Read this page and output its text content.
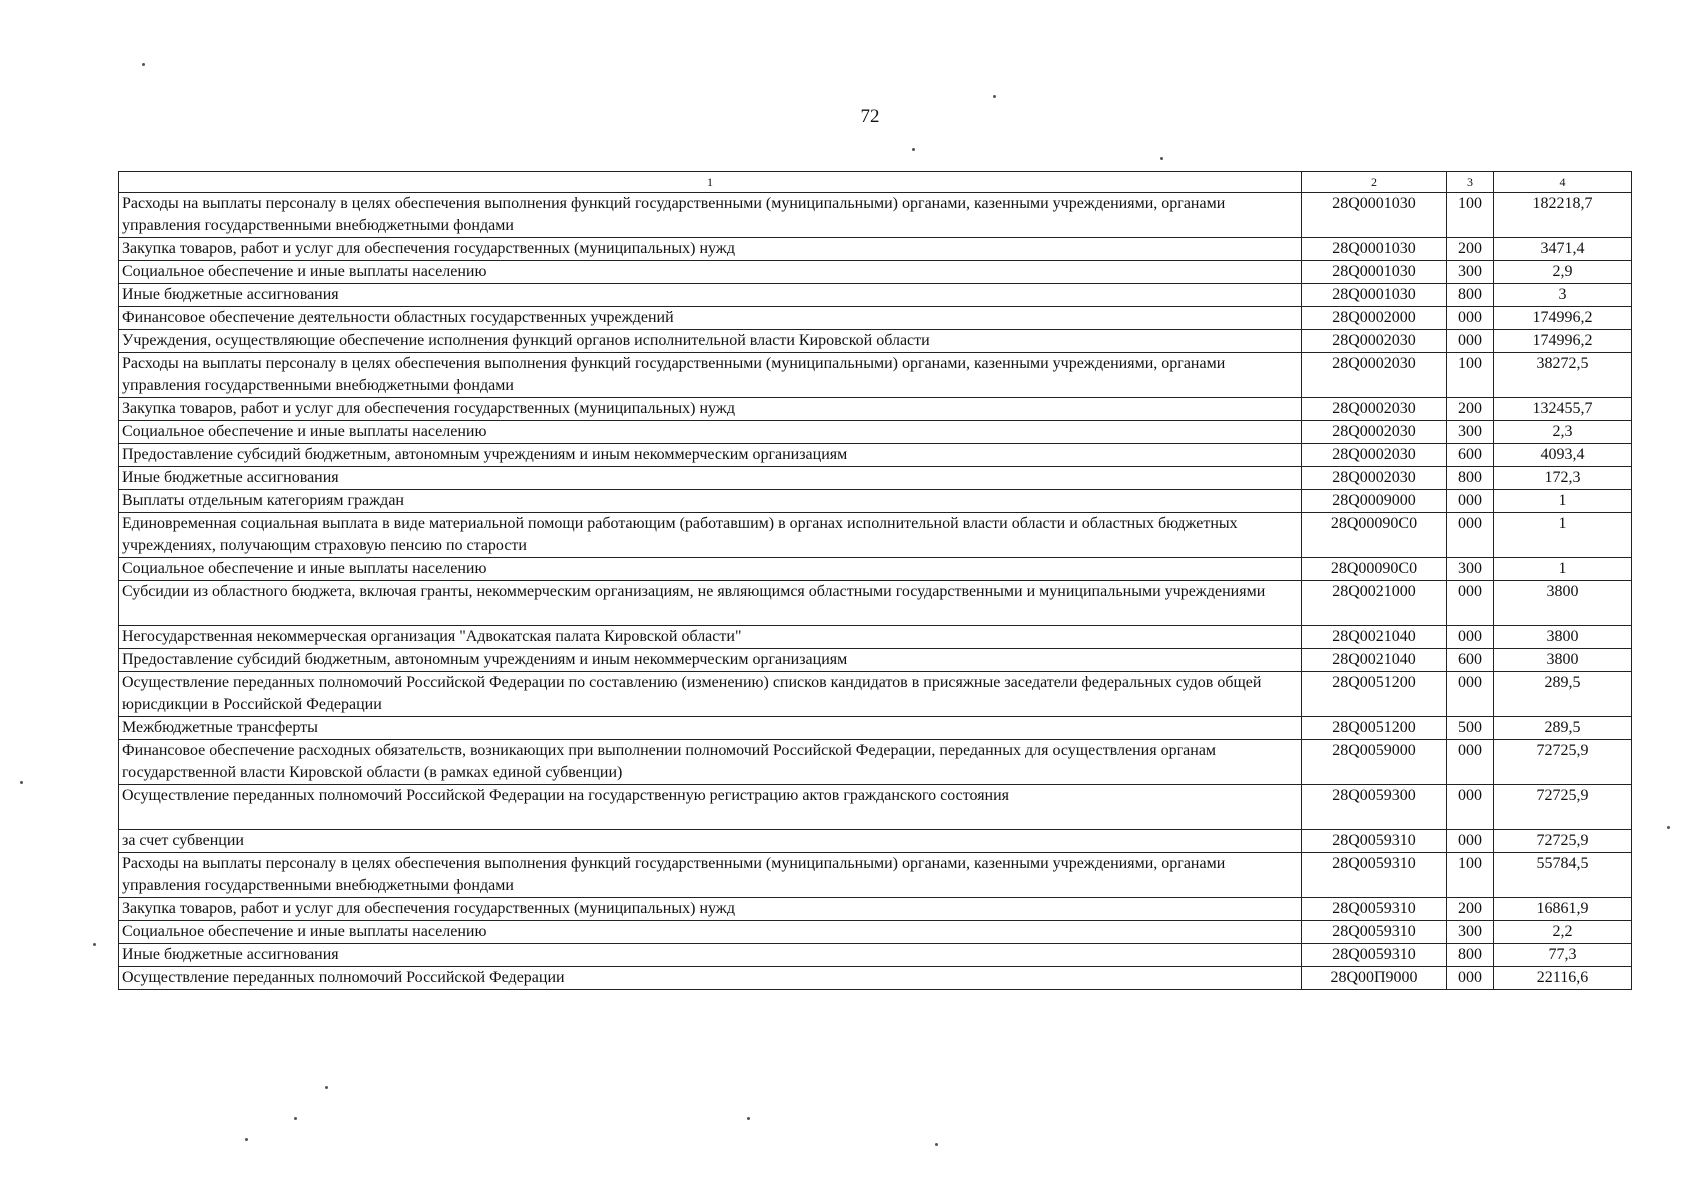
72
1	2	3	4
Расходы на выплаты персоналу в целях обеспечения выполнения функций государственными (муниципальными) органами, казенными учреждениями, органами управления государственными внебюджетными фондами	28Q0001030	100	182218,7
Закупка товаров, работ и услуг для обеспечения государственных (муниципальных) нужд	28Q0001030	200	3471,4
Социальное обеспечение и иные выплаты населению	28Q0001030	300	2,9
Иные бюджетные ассигнования	28Q0001030	800	3
Финансовое обеспечение деятельности областных государственных учреждений	28Q0002000	000	174996,2
Учреждения, осуществляющие обеспечение исполнения функций органов исполнительной власти Кировской области	28Q0002030	000	174996,2
Расходы на выплаты персоналу в целях обеспечения выполнения функций государственными (муниципальными) органами, казенными учреждениями, органами управления государственными внебюджетными фондами	28Q0002030	100	38272,5
Закупка товаров, работ и услуг для обеспечения государственных (муниципальных) нужд	28Q0002030	200	132455,7
Социальное обеспечение и иные выплаты населению	28Q0002030	300	2,3
Предоставление субсидий бюджетным, автономным учреждениям и иным некоммерческим организациям	28Q0002030	600	4093,4
Иные бюджетные ассигнования	28Q0002030	800	172,3
Выплаты отдельным категориям граждан	28Q0009000	000	1
Единовременная социальная выплата в виде материальной помощи работающим (работавшим) в органах исполнительной власти области и областных бюджетных учреждениях, получающим страховую пенсию по старости	28Q00090C0	000	1
Социальное обеспечение и иные выплаты населению	28Q00090C0	300	1
Субсидии из областного бюджета, включая гранты, некоммерческим организациям, не являющимся областными государственными и муниципальными учреждениями	28Q0021000	000	3800
Негосударственная некоммерческая организация "Адвокатская палата Кировской области"	28Q0021040	000	3800
Предоставление субсидий бюджетным, автономным учреждениям и иным некоммерческим организациям	28Q0021040	600	3800
Осуществление переданных полномочий Российской Федерации по составлению (изменению) списков кандидатов в присяжные заседатели федеральных судов общей юрисдикции в Российской Федерации	28Q0051200	000	289,5
Межбюджетные трансферты	28Q0051200	500	289,5
Финансовое обеспечение расходных обязательств, возникающих при выполнении полномочий Российской Федерации, переданных для осуществления органам государственной власти Кировской области (в рамках единой субвенции)	28Q0059000	000	72725,9
Осуществление переданных полномочий Российской Федерации на государственную регистрацию актов гражданского состояния	28Q0059300	000	72725,9
за счет субвенции	28Q0059310	000	72725,9
Расходы на выплаты персоналу в целях обеспечения выполнения функций государственными (муниципальными) органами, казенными учреждениями, органами управления государственными внебюджетными фондами	28Q0059310	100	55784,5
Закупка товаров, работ и услуг для обеспечения государственных (муниципальных) нужд	28Q0059310	200	16861,9
Социальное обеспечение и иные выплаты населению	28Q0059310	300	2,2
Иные бюджетные ассигнования	28Q0059310	800	77,3
Осуществление переданных полномочий Российской Федерации	28Q00П9000	000	22116,6
